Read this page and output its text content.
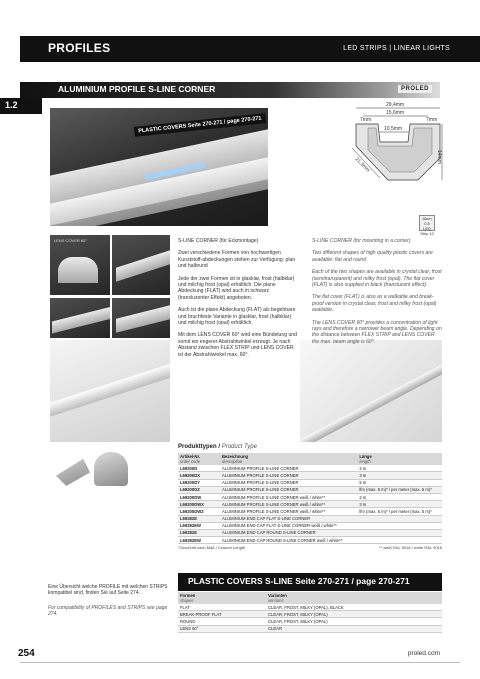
PROFILES	LED STRIPS | LINEAR LIGHTS
ALUMINIUM PROFILE S-LINE CORNER	PROLED
1.2
PLASTIC COVERS Seite 270-271 / page 270-271
29,4mm
15,6mm
7mm	7mm
10,5mm
21,3mm	14mm
Alum
0,5
LED Strip 10
LENS COVER 60°	S-LINE CORNER (für Eckmontage)

Zwei verschiedene Formen von hochwertigen Kunststoff-abdeckungen stehen zur Verfügung: plan und halbrund

Jede der zwei Formen ist in glasklar, frost (halbklar) und milchig frost (opal) erhältlich. Die plane Abdeckung (FLAT) wird auch in schwarz (transluzenter Effekt) angeboten.

Auch ist die plane Abdeckung (FLAT) als begehbare und bruchfeste Variante in glasklar, frost (halbklar) und milchig frost (opal) erhältlich.

Mit dem LENS COVER 60° wird eine Bündelung und somit ein engerer Abstrahlwinkel erzeugt. Je nach Abstand zwischen FLEX STRIP und LENS COVER ist der Abstrahlwinkel max. 60°.

S-LINE CORNER (for mounting in a corner)

Two different shapes of high quality plastic covers are available: flat and round

Each of the two shapes are available in crystal clear, frost (semitransparent) and milky frost (opal). The flat cover (FLAT) is also supplied in black (translucent effect).

The flat cover (FLAT) is also as a walkable and break-proof version in crystal clear, frost and milky frost (opal) available.

The LENS COVER 60° provides a concentration of light rays and therefore a narrower beam angle. Depending on the distance between FLEX STRIP and LENS COVER the max. beam angle is 60°.

Produkttypen / Product Type
Artikel-Nr.
order code	Bezeichnung
description	Länge
length

L69200D	ALUMINIUM PROFILE S-LINE CORNER	2 m
L69200DX	ALUMINIUM PROFILE S-LINE CORNER	3 m
L69200DY	ALUMINIUM PROFILE S-LINE CORNER	5 m
L69200DZ	ALUMINIUM PROFILE S-LINE CORNER	lfm (max. 5 m)* / per meter (max. 5 m)*
L69200DW	ALUMINIUM PROFILE S-LINE CORNER weiß / white**	2 m
L69200DWX	ALUMINIUM PROFILE S-LINE CORNER weiß / white**	3 m
L69200DWZ	ALUMINIUM PROFILE S-LINE CORNER weiß / white**	lfm (max. 5 m)* / per meter (max. 5 m)*
L69282E	ALUMINIUM END CAP FLAT S-LINE CORNER	
L69282EW	ALUMINIUM END CAP FLAT S-LINE CORNER weiß / white**	
L69282E	ALUMINIUM END CAP ROUND S-LINE CORNER	
L69282EW	ALUMINIUM END CAP ROUND S-LINE CORNER weiß / white**	
*Zuschnitt nach Maß / Custom Length	** weiß RAL 9016 / white RAL 9016
Eine Übersicht welche PROFILE mit welchen STRIPS kompatibel sind, finden Sie auf Seite 274.
For compatibility of PROFILES and STRIPS see page 274.
PLASTIC COVERS S-LINE Seite 270-271 / page 270-271
Formen
shapes	Varianten
versions

FLAT	CLEAR, FROST, MILKY (OPAL), BLACK
BREAK-PROOF FLAT	CLEAR, FROST, MILKY (OPAL)
ROUND	CLEAR, FROST, MILKY (OPAL)
LENS 60°	CLEAR
254	proled.com
